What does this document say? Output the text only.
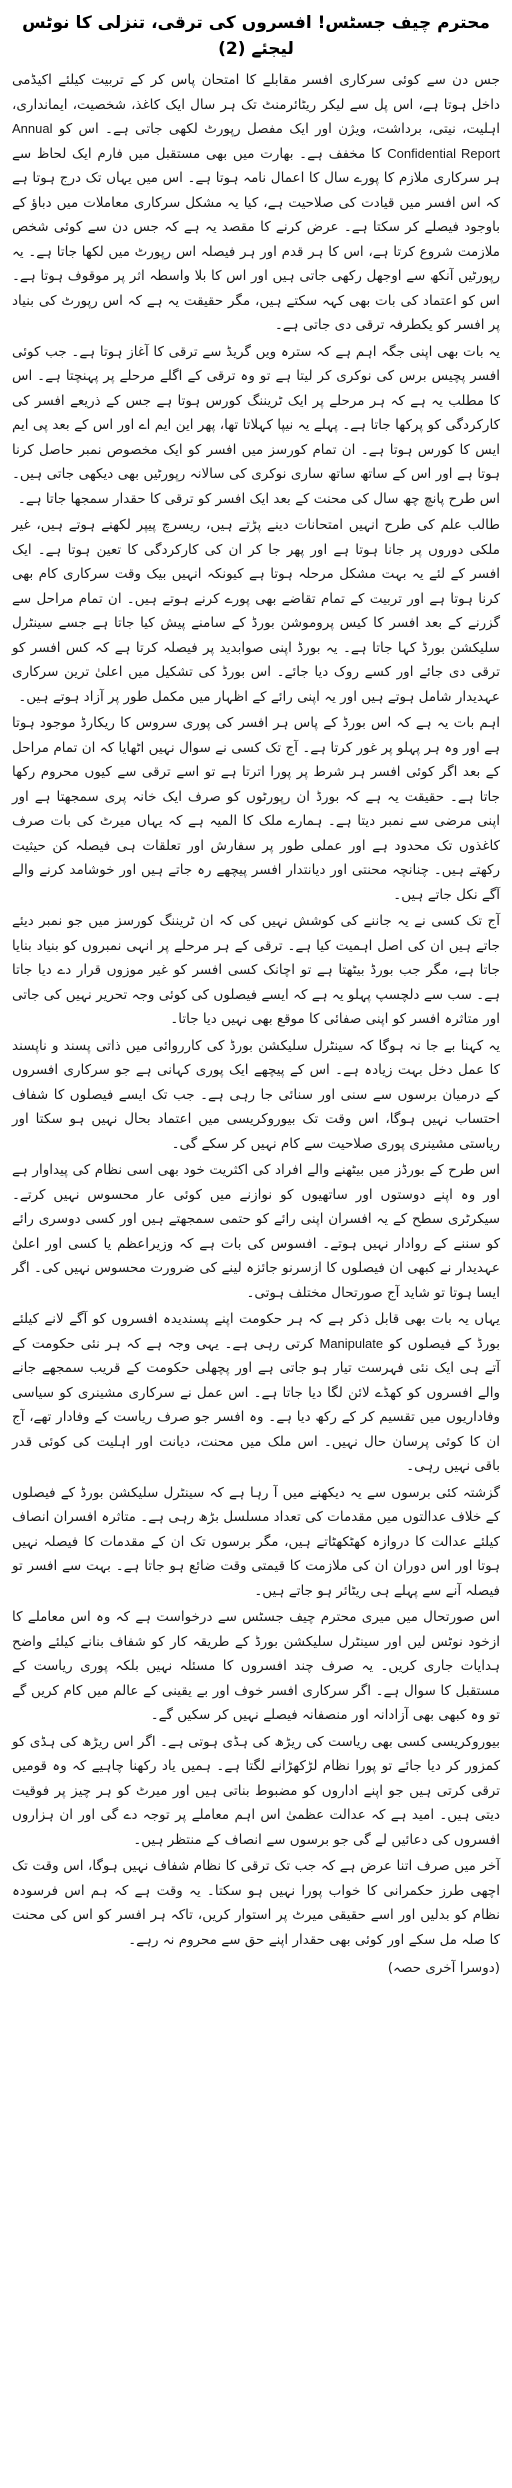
محترم چیف جسٹس! افسروں کی ترقی، تنزلی کا نوٹس لیجئے (2)

جس دن سے کوئی سرکاری افسر مقابلے کا امتحان پاس کر کے تربیت کیلئے اکیڈمی داخل ہوتا ہے، اس پل سے لیکر ریٹائرمنٹ تک ہر سال ایک کاغذ، شخصیت، ایمانداری، اہلیت، نیتی، برداشت، ویژن اور ایک مفصل رپورٹ لکھی جاتی ہے۔ اس کو Annual Confidential Report کا مخفف ہے۔ بھارت میں بھی مستقبل میں فارم ایک لحاظ سے ہر سرکاری ملازم کا پورے سال کا اعمال نامہ ہوتا ہے۔ اس میں یہاں تک درج ہوتا ہے کہ اس افسر میں قیادت کی صلاحیت ہے، کیا یہ مشکل سرکاری معاملات میں دباؤ کے باوجود فیصلے کر سکتا ہے۔ عرض کرنے کا مقصد یہ ہے کہ جس دن سے کوئی شخص ملازمت شروع کرتا ہے، اس کا ہر قدم اور ہر فیصلہ اس رپورٹ میں لکھا جاتا ہے۔ یہ رپورٹیں آنکھ سے اوجھل رکھی جاتی ہیں اور اس کا بلا واسطہ اثر پر موقوف ہوتا ہے۔ اس کو اعتماد کی بات بھی کہہ سکتے ہیں، مگر حقیقت یہ ہے کہ اس رپورٹ کی بنیاد پر افسر کو یکطرفہ ترقی دی جاتی ہے۔

یہ بات بھی اپنی جگہ اہم ہے کہ سترہ ویں گریڈ سے ترقی کا آغاز ہوتا ہے۔ جب کوئی افسر پچیس برس کی نوکری کر لیتا ہے تو وہ ترقی کے اگلے مرحلے پر پہنچتا ہے۔ اس کا مطلب یہ ہے کہ ہر مرحلے پر ایک ٹریننگ کورس ہوتا ہے جس کے ذریعے افسر کی کارکردگی کو پرکھا جاتا ہے۔ پہلے یہ نیپا کہلاتا تھا، پھر این ایم اے اور اس کے بعد پی ایم ایس کا کورس ہوتا ہے۔ ان تمام کورسز میں افسر کو ایک مخصوص نمبر حاصل کرنا ہوتا ہے اور اس کے ساتھ ساتھ ساری نوکری کی سالانہ رپورٹیں بھی دیکھی جاتی ہیں۔ اس طرح پانچ چھ سال کی محنت کے بعد ایک افسر کو ترقی کا حقدار سمجھا جاتا ہے۔

طالب علم کی طرح انہیں امتحانات دینے پڑتے ہیں، ریسرچ پیپر لکھنے ہوتے ہیں، غیر ملکی دوروں پر جانا ہوتا ہے اور پھر جا کر ان کی کارکردگی کا تعین ہوتا ہے۔ ایک افسر کے لئے یہ بہت مشکل مرحلہ ہوتا ہے کیونکہ انہیں بیک وقت سرکاری کام بھی کرنا ہوتا ہے اور تربیت کے تمام تقاضے بھی پورے کرنے ہوتے ہیں۔ ان تمام مراحل سے گزرنے کے بعد افسر کا کیس پروموشن بورڈ کے سامنے پیش کیا جاتا ہے جسے سینٹرل سلیکشن بورڈ کہا جاتا ہے۔ یہ بورڈ اپنی صوابدید پر فیصلہ کرتا ہے کہ کس افسر کو ترقی دی جائے اور کسے روک دیا جائے۔ اس بورڈ کی تشکیل میں اعلیٰ ترین سرکاری عہدیدار شامل ہوتے ہیں اور یہ اپنی رائے کے اظہار میں مکمل طور پر آزاد ہوتے ہیں۔

اہم بات یہ ہے کہ اس بورڈ کے پاس ہر افسر کی پوری سروس کا ریکارڈ موجود ہوتا ہے اور وہ ہر پہلو پر غور کرتا ہے۔ آج تک کسی نے سوال نہیں اٹھایا کہ ان تمام مراحل کے بعد اگر کوئی افسر ہر شرط پر پورا اترتا ہے تو اسے ترقی سے کیوں محروم رکھا جاتا ہے۔ حقیقت یہ ہے کہ بورڈ ان رپورٹوں کو صرف ایک خانہ پری سمجھتا ہے اور اپنی مرضی سے نمبر دیتا ہے۔ ہمارے ملک کا المیہ ہے کہ یہاں میرٹ کی بات صرف کاغذوں تک محدود ہے اور عملی طور پر سفارش اور تعلقات ہی فیصلہ کن حیثیت رکھتے ہیں۔ چنانچہ محنتی اور دیانتدار افسر پیچھے رہ جاتے ہیں اور خوشامد کرنے والے آگے نکل جاتے ہیں۔

آج تک کسی نے یہ جاننے کی کوشش نہیں کی کہ ان ٹریننگ کورسز میں جو نمبر دیئے جاتے ہیں ان کی اصل اہمیت کیا ہے۔ ترقی کے ہر مرحلے پر انہی نمبروں کو بنیاد بنایا جاتا ہے، مگر جب بورڈ بیٹھتا ہے تو اچانک کسی افسر کو غیر موزوں قرار دے دیا جاتا ہے۔ سب سے دلچسپ پہلو یہ ہے کہ ایسے فیصلوں کی کوئی وجہ تحریر نہیں کی جاتی اور متاثرہ افسر کو اپنی صفائی کا موقع بھی نہیں دیا جاتا۔

یہ کہنا بے جا نہ ہوگا کہ سینٹرل سلیکشن بورڈ کی کارروائی میں ذاتی پسند و ناپسند کا عمل دخل بہت زیادہ ہے۔ اس کے پیچھے ایک پوری کہانی ہے جو سرکاری افسروں کے درمیان برسوں سے سنی اور سنائی جا رہی ہے۔ جب تک ایسے فیصلوں کا شفاف احتساب نہیں ہوگا، اس وقت تک بیوروکریسی میں اعتماد بحال نہیں ہو سکتا اور ریاستی مشینری پوری صلاحیت سے کام نہیں کر سکے گی۔

اس طرح کے بورڈز میں بیٹھنے والے افراد کی اکثریت خود بھی اسی نظام کی پیداوار ہے اور وہ اپنے دوستوں اور ساتھیوں کو نوازنے میں کوئی عار محسوس نہیں کرتے۔ سیکرٹری سطح کے یہ افسران اپنی رائے کو حتمی سمجھتے ہیں اور کسی دوسری رائے کو سننے کے روادار نہیں ہوتے۔ افسوس کی بات ہے کہ وزیراعظم یا کسی اور اعلیٰ عہدیدار نے کبھی ان فیصلوں کا ازسرنو جائزہ لینے کی ضرورت محسوس نہیں کی۔ اگر ایسا ہوتا تو شاید آج صورتحال مختلف ہوتی۔

یہاں یہ بات بھی قابل ذکر ہے کہ ہر حکومت اپنے پسندیدہ افسروں کو آگے لانے کیلئے بورڈ کے فیصلوں کو Manipulate کرتی رہی ہے۔ یہی وجہ ہے کہ ہر نئی حکومت کے آتے ہی ایک نئی فہرست تیار ہو جاتی ہے اور پچھلی حکومت کے قریب سمجھے جانے والے افسروں کو کھڈے لائن لگا دیا جاتا ہے۔ اس عمل نے سرکاری مشینری کو سیاسی وفاداریوں میں تقسیم کر کے رکھ دیا ہے۔ وہ افسر جو صرف ریاست کے وفادار تھے، آج ان کا کوئی پرسان حال نہیں۔ اس ملک میں محنت، دیانت اور اہلیت کی کوئی قدر باقی نہیں رہی۔

گزشتہ کئی برسوں سے یہ دیکھنے میں آ رہا ہے کہ سینٹرل سلیکشن بورڈ کے فیصلوں کے خلاف عدالتوں میں مقدمات کی تعداد مسلسل بڑھ رہی ہے۔ متاثرہ افسران انصاف کیلئے عدالت کا دروازہ کھٹکھٹاتے ہیں، مگر برسوں تک ان کے مقدمات کا فیصلہ نہیں ہوتا اور اس دوران ان کی ملازمت کا قیمتی وقت ضائع ہو جاتا ہے۔ بہت سے افسر تو فیصلہ آنے سے پہلے ہی ریٹائر ہو جاتے ہیں۔

اس صورتحال میں میری محترم چیف جسٹس سے درخواست ہے کہ وہ اس معاملے کا ازخود نوٹس لیں اور سینٹرل سلیکشن بورڈ کے طریقہ کار کو شفاف بنانے کیلئے واضح ہدایات جاری کریں۔ یہ صرف چند افسروں کا مسئلہ نہیں بلکہ پوری ریاست کے مستقبل کا سوال ہے۔ اگر سرکاری افسر خوف اور بے یقینی کے عالم میں کام کریں گے تو وہ کبھی بھی آزادانہ اور منصفانہ فیصلے نہیں کر سکیں گے۔

بیوروکریسی کسی بھی ریاست کی ریڑھ کی ہڈی ہوتی ہے۔ اگر اس ریڑھ کی ہڈی کو کمزور کر دیا جائے تو پورا نظام لڑکھڑانے لگتا ہے۔ ہمیں یاد رکھنا چاہیے کہ وہ قومیں ترقی کرتی ہیں جو اپنے اداروں کو مضبوط بناتی ہیں اور میرٹ کو ہر چیز پر فوقیت دیتی ہیں۔ امید ہے کہ عدالت عظمیٰ اس اہم معاملے پر توجہ دے گی اور ان ہزاروں افسروں کی دعائیں لے گی جو برسوں سے انصاف کے منتظر ہیں۔

آخر میں صرف اتنا عرض ہے کہ جب تک ترقی کا نظام شفاف نہیں ہوگا، اس وقت تک اچھی طرز حکمرانی کا خواب پورا نہیں ہو سکتا۔ یہ وقت ہے کہ ہم اس فرسودہ نظام کو بدلیں اور اسے حقیقی میرٹ پر استوار کریں، تاکہ ہر افسر کو اس کی محنت کا صلہ مل سکے اور کوئی بھی حقدار اپنے حق سے محروم نہ رہے۔

(دوسرا آخری حصہ)
